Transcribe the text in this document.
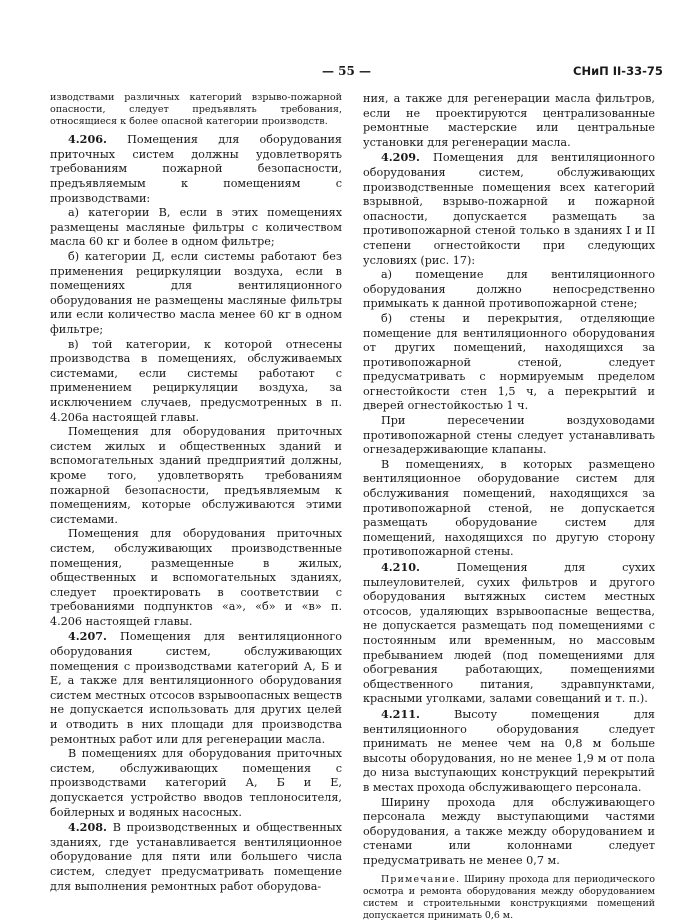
— 55 —	СНиП II-33-75

изводствами различных категорий взрыво-пожарной опасности, следует предъявлять требования, относящиеся к более опасной категории производств.

4.206. Помещения для оборудования приточных систем должны удовлетворять требованиям пожарной безопасности, предъявляемым к помещениям с производствами:

а) категории В, если в этих помещениях размещены масляные фильтры с количеством масла 60 кг и более в одном фильтре;

б) категории Д, если системы работают без применения рециркуляции воздуха, если в помещениях для вентиляционного оборудования не размещены масляные фильтры или если количество масла менее 60 кг в одном фильтре;

в) той категории, к которой отнесены производства в помещениях, обслуживаемых системами, если системы работают с применением рециркуляции воздуха, за исключением случаев, предусмотренных в п. 4.206а настоящей главы.

Помещения для оборудования приточных систем жилых и общественных зданий и вспомогательных зданий предприятий должны, кроме того, удовлетворять требованиям пожарной безопасности, предъявляемым к помещениям, которые обслуживаются этими системами.

Помещения для оборудования приточных систем, обслуживающих производственные помещения, размещенные в жилых, общественных и вспомогательных зданиях, следует проектировать в соответствии с требованиями подпунктов «а», «б» и «в» п. 4.206 настоящей главы.

4.207. Помещения для вентиляционного оборудования систем, обслуживающих помещения с производствами категорий А, Б и Е, а также для вентиляционного оборудования систем местных отсосов взрывоопасных веществ не допускается использовать для других целей и отводить в них площади для производства ремонтных работ или для регенерации масла.

В помещениях для оборудования приточных систем, обслуживающих помещения с производствами категорий А, Б и Е, допускается устройство вводов теплоносителя, бойлерных и водяных насосных.

4.208. В производственных и общественных зданиях, где устанавливается вентиляционное оборудование для пяти или большего числа систем, следует предусматривать помещение для выполнения ремонтных работ оборудова-

ния, а также для регенерации масла фильтров, если не проектируются централизованные ремонтные мастерские или центральные установки для регенерации масла.

4.209. Помещения для вентиляционного оборудования систем, обслуживающих производственные помещения всех категорий взрывной, взрыво-пожарной и пожарной опасности, допускается размещать за противопожарной стеной только в зданиях I и II степени огнестойкости при следующих условиях (рис. 17):

а) помещение для вентиляционного оборудования должно непосредственно примыкать к данной противопожарной стене;

б) стены и перекрытия, отделяющие помещение для вентиляционного оборудования от других помещений, находящихся за противопожарной стеной, следует предусматривать с нормируемым пределом огнестойкости стен 1,5 ч, а перекрытий и дверей огнестойкостью 1 ч.

При пересечении воздуховодами противопожарной стены следует устанавливать огнезадерживающие клапаны.

В помещениях, в которых размещено вентиляционное оборудование систем для обслуживания помещений, находящихся за противопожарной стеной, не допускается размещать оборудование систем для помещений, находящихся по другую сторону противопожарной стены.

4.210. Помещения для сухих пылеуловителей, сухих фильтров и другого оборудования вытяжных систем местных отсосов, удаляющих взрывоопасные вещества, не допускается размещать под помещениями с постоянным или временным, но массовым пребыванием людей (под помещениями для обогревания работающих, помещениями общественного питания, здравпунктами, красными уголками, залами совещаний и т. п.).

4.211. Высоту помещения для вентиляционного оборудования следует принимать не менее чем на 0,8 м больше высоты оборудования, но не менее 1,9 м от пола до низа выступающих конструкций перекрытий в местах прохода обслуживающего персонала.

Ширину прохода для обслуживающего персонала между выступающими частями оборудования, а также между оборудованием и стенами или колоннами следует предусматривать не менее 0,7 м.

Примечание. Ширину прохода для периодического осмотра и ремонта оборудования между оборудованием систем и строительными конструкциями помещений допускается принимать 0,6 м.
